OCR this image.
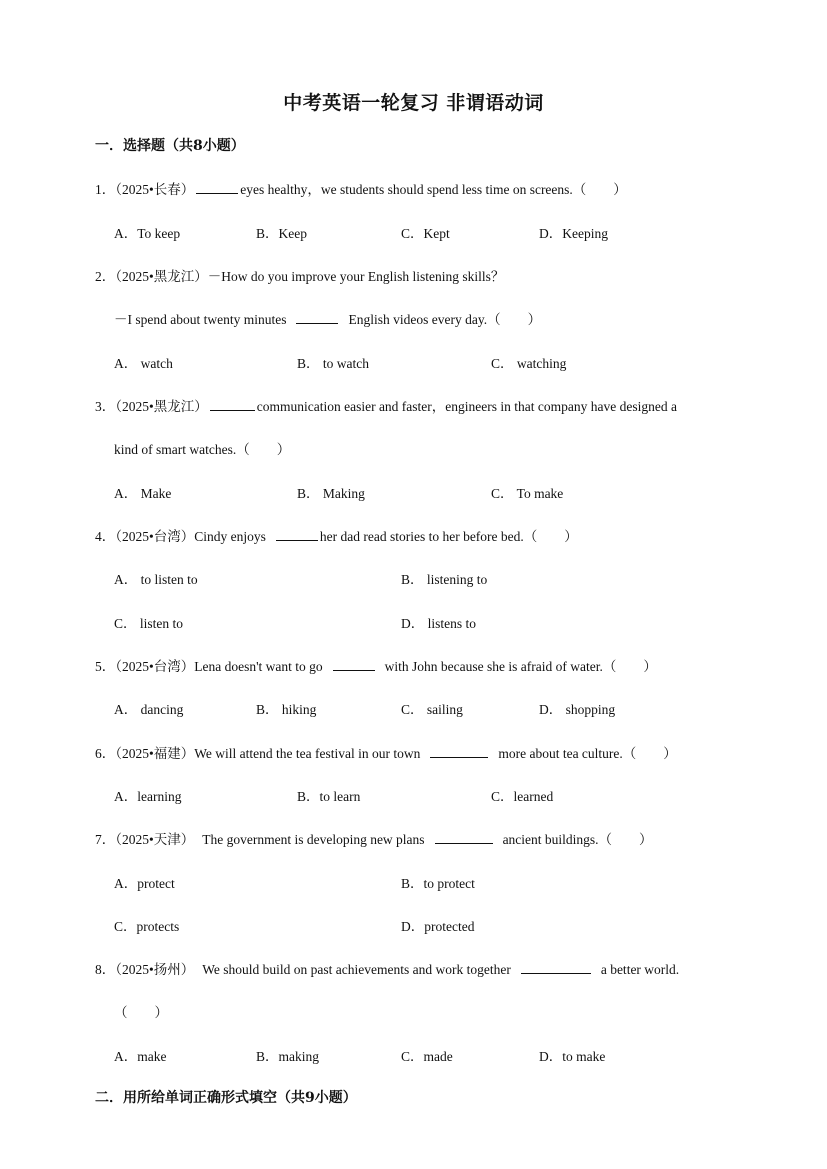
中考英语一轮复习 非谓语动词
一．选择题（共8小题）
1．（2025•长春）	eyes healthy，we students should spend less time on screens.（　　）
A．To keep	B．Keep	C．Kept	D．Keeping
2．（2025•黑龙江）－How do you improve your English listening skills？
－I spend about twenty minutes	English videos every day.（　　）
A． watch	B． to watch	C． watching
3．（2025•黑龙江）	communication easier and faster，engineers in that company have designed a
kind of smart watches.（　　）
A． Make	B． Making	C． To make
4．（2025•台湾）Cindy enjoys	her dad read stories to her before bed.（　　）
A． to listen to	B． listening to
C． listen to	D． listens to
5．（2025•台湾）Lena doesn't want to go	with John because she is afraid of water.（　　）
A． dancing	B． hiking	C． sailing	D． shopping
6．（2025•福建）We will attend the tea festival in our town	more about tea culture.（　　）
A．learning	B．to learn	C．learned
7．（2025•天津） The government is developing new plans	ancient buildings.（　　）
A．protect	B．to protect
C．protects	D．protected
8．（2025•扬州） We should build on past achievements and work together	a better world.
（　　）
A．make	B．making	C．made	D．to make
二．用所给单词正确形式填空（共9小题）
